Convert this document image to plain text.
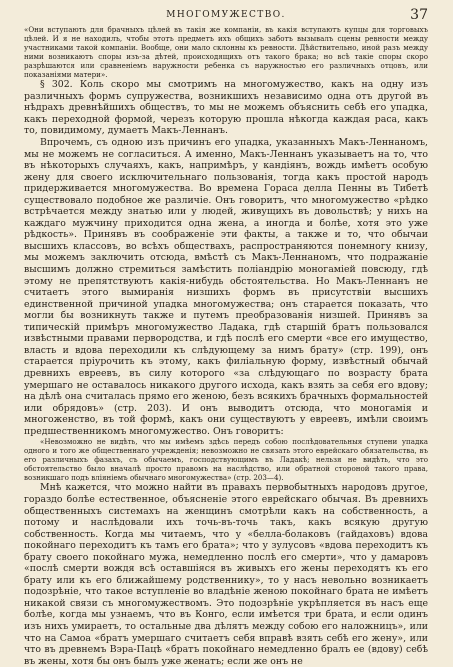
МНОГОМУЖЕСТВО.	37

«Они вступають для брачныхъ цѣлей въ такія же компаніи, въ какія вступаютъ купцы для торговыхъ цѣлей. И я не находилъ, чтобы этотъ предметъ ихъ общихъ заботъ вызывалъ сцены ревности между участниками такой компаніи. Вообще, они мало склонны къ ревности. Дѣйствительно, иной разъ между ними возникаютъ споры изъ-за дѣтей, происходящихъ отъ такого брака; но всѣ такіе споры скоро разрѣшаются или сравненіемъ наружности ребенка съ наружностью его различныхъ отцовъ, или показаніями матери».

§ 302. Коль скоро мы смотримъ на многомужество, какъ на одну изъ различныхъ формъ супружества, возникшихъ независимо одна отъ другой въ нѣдрахъ древнѣйшихъ обществъ, то мы не можемъ объяснить себѣ его упадка, какъ переходной формой, черезъ которую прошла нѣкогда каждая раса, какъ то, повидимому, думаетъ Макъ-Леннанъ.

Впрочемъ, съ одною изъ причинъ его упадка, указанныхъ Макъ-Леннаномъ, мы не можемъ не согласиться. А именно, Макъ-Леннанъ указываетъ на то, что въ нѣкоторыхъ случаяхъ, какъ, напримѣръ, у кандіянъ, вождь имѣетъ особую жену для своего исключительнаго пользованія, тогда какъ простой народъ придерживается многомужества. Во времена Гораса делла Пенны въ Тибетѣ существовало подобное же различіе. Онъ говоритъ, что многомужество «рѣдко встрѣчается между знатью или у людей, живущихъ въ довольствѣ; у нихъ на каждаго мужчину приходится одна жена, а иногда и болѣе, хотя это уже рѣдкость». Принявъ въ соображеніе эти факты, а также и то, что обычаи высшихъ классовъ, во всѣхъ обществахъ, распространяются понемногу книзу, мы можемъ заключить отсюда, вмѣстѣ съ Макъ-Леннаномъ, что подражаніе высшимъ должно стремиться замѣстить поліандрію моногаміей повсюду, гдѣ этому не препятствуютъ какія-нибудь обстоятельства. Но Макъ-Леннанъ не считаетъ этого вымиранія низшихъ формъ въ присутствіи высшихъ единственной причиной упадка многомужества; онъ старается показать, что могли бы возникнуть также и путемъ преобразованія низшей. Принявъ за типическій примѣръ многомужество Ладака, гдѣ старшій братъ пользовался извѣстными правами первородства, и гдѣ послѣ его смерти «все его имущество, власть и вдова переходили къ слѣдующему за нимъ брату» (стр. 199), онъ старается прiурочить къ этому, какъ филіальную форму, извѣстный обычай древнихъ евреевъ, въ силу которого «за слѣдующаго по возрасту брата умершаго не оставалось никакого другого исхода, какъ взять за себя его вдову; на дѣлѣ она считалась прямо его женою, безъ всякихъ брачныхъ формальностей или обрядовъ» (стр. 203). И онъ выводитъ отсюда, что моногамія и многоженство, въ той формѣ, какъ они существуютъ у евреевъ, имѣли своимъ предшественникомъ многомужество. Онъ говоритъ:

«Невозможно не видѣть, что мы имѣемъ здѣсь передъ собою послѣдовательныя ступени упадка одного и того же общественнаго учрежденія; невозможно не связать этого еврейскаго обязательства, въ его различныхъ фазахъ, съ обычаемъ, господствующимъ въ Ладакѣ; нельзя не видѣть, что это обстоятельство было вначалѣ просто правомъ на наслѣдство, или обратной стороной такого права, возникшаго подъ вліяніемъ обычнаго многомужества» (стр. 203—4).

Мнѣ кажется, что можно найти въ правахъ первобытныхъ народовъ другое, гораздо болѣе естественное, объясненіе этого еврейскаго обычая. Въ древнихъ общественныхъ системахъ на женщинъ смотрѣли какъ на собственность, а потому и наслѣдовали ихъ точь-въ-точь такъ, какъ всякую другую собственность. Когда мы читаемъ, что у «белла-болаковъ (гайдаховъ) вдова покойнаго переходитъ къ тамъ его брата»; что у зулусовъ «вдова переходитъ къ брату своего покойнаго мужа, немедленно послѣ его смерти», что у дамаровъ «послѣ смерти вождя всѣ оставшіяся въ живыхъ его жены переходятъ къ его брату или къ его ближайшему родственнику», то у насъ невольно возникаетъ подозрѣніе, что такое вступленіе во владѣніе женою покойнаго брата не имѣетъ никакой связи съ многомужествомъ. Это подозрѣніе укрѣпляется въ насъ еще болѣе, когда мы узнаемъ, что въ Конго, если имѣется три брата, и если одинъ изъ нихъ умираетъ, то остальные два дѣлятъ между собою его наложницъ», или что на Самоа «братъ умершаго считаетъ себя вправѣ взять себѣ его жену», или что въ древнемъ Вэра-Пацѣ «братъ покойнаго немедленно бралъ ее (вдову) себѣ въ жены, хотя бы онъ былъ уже женатъ; если же онъ не
